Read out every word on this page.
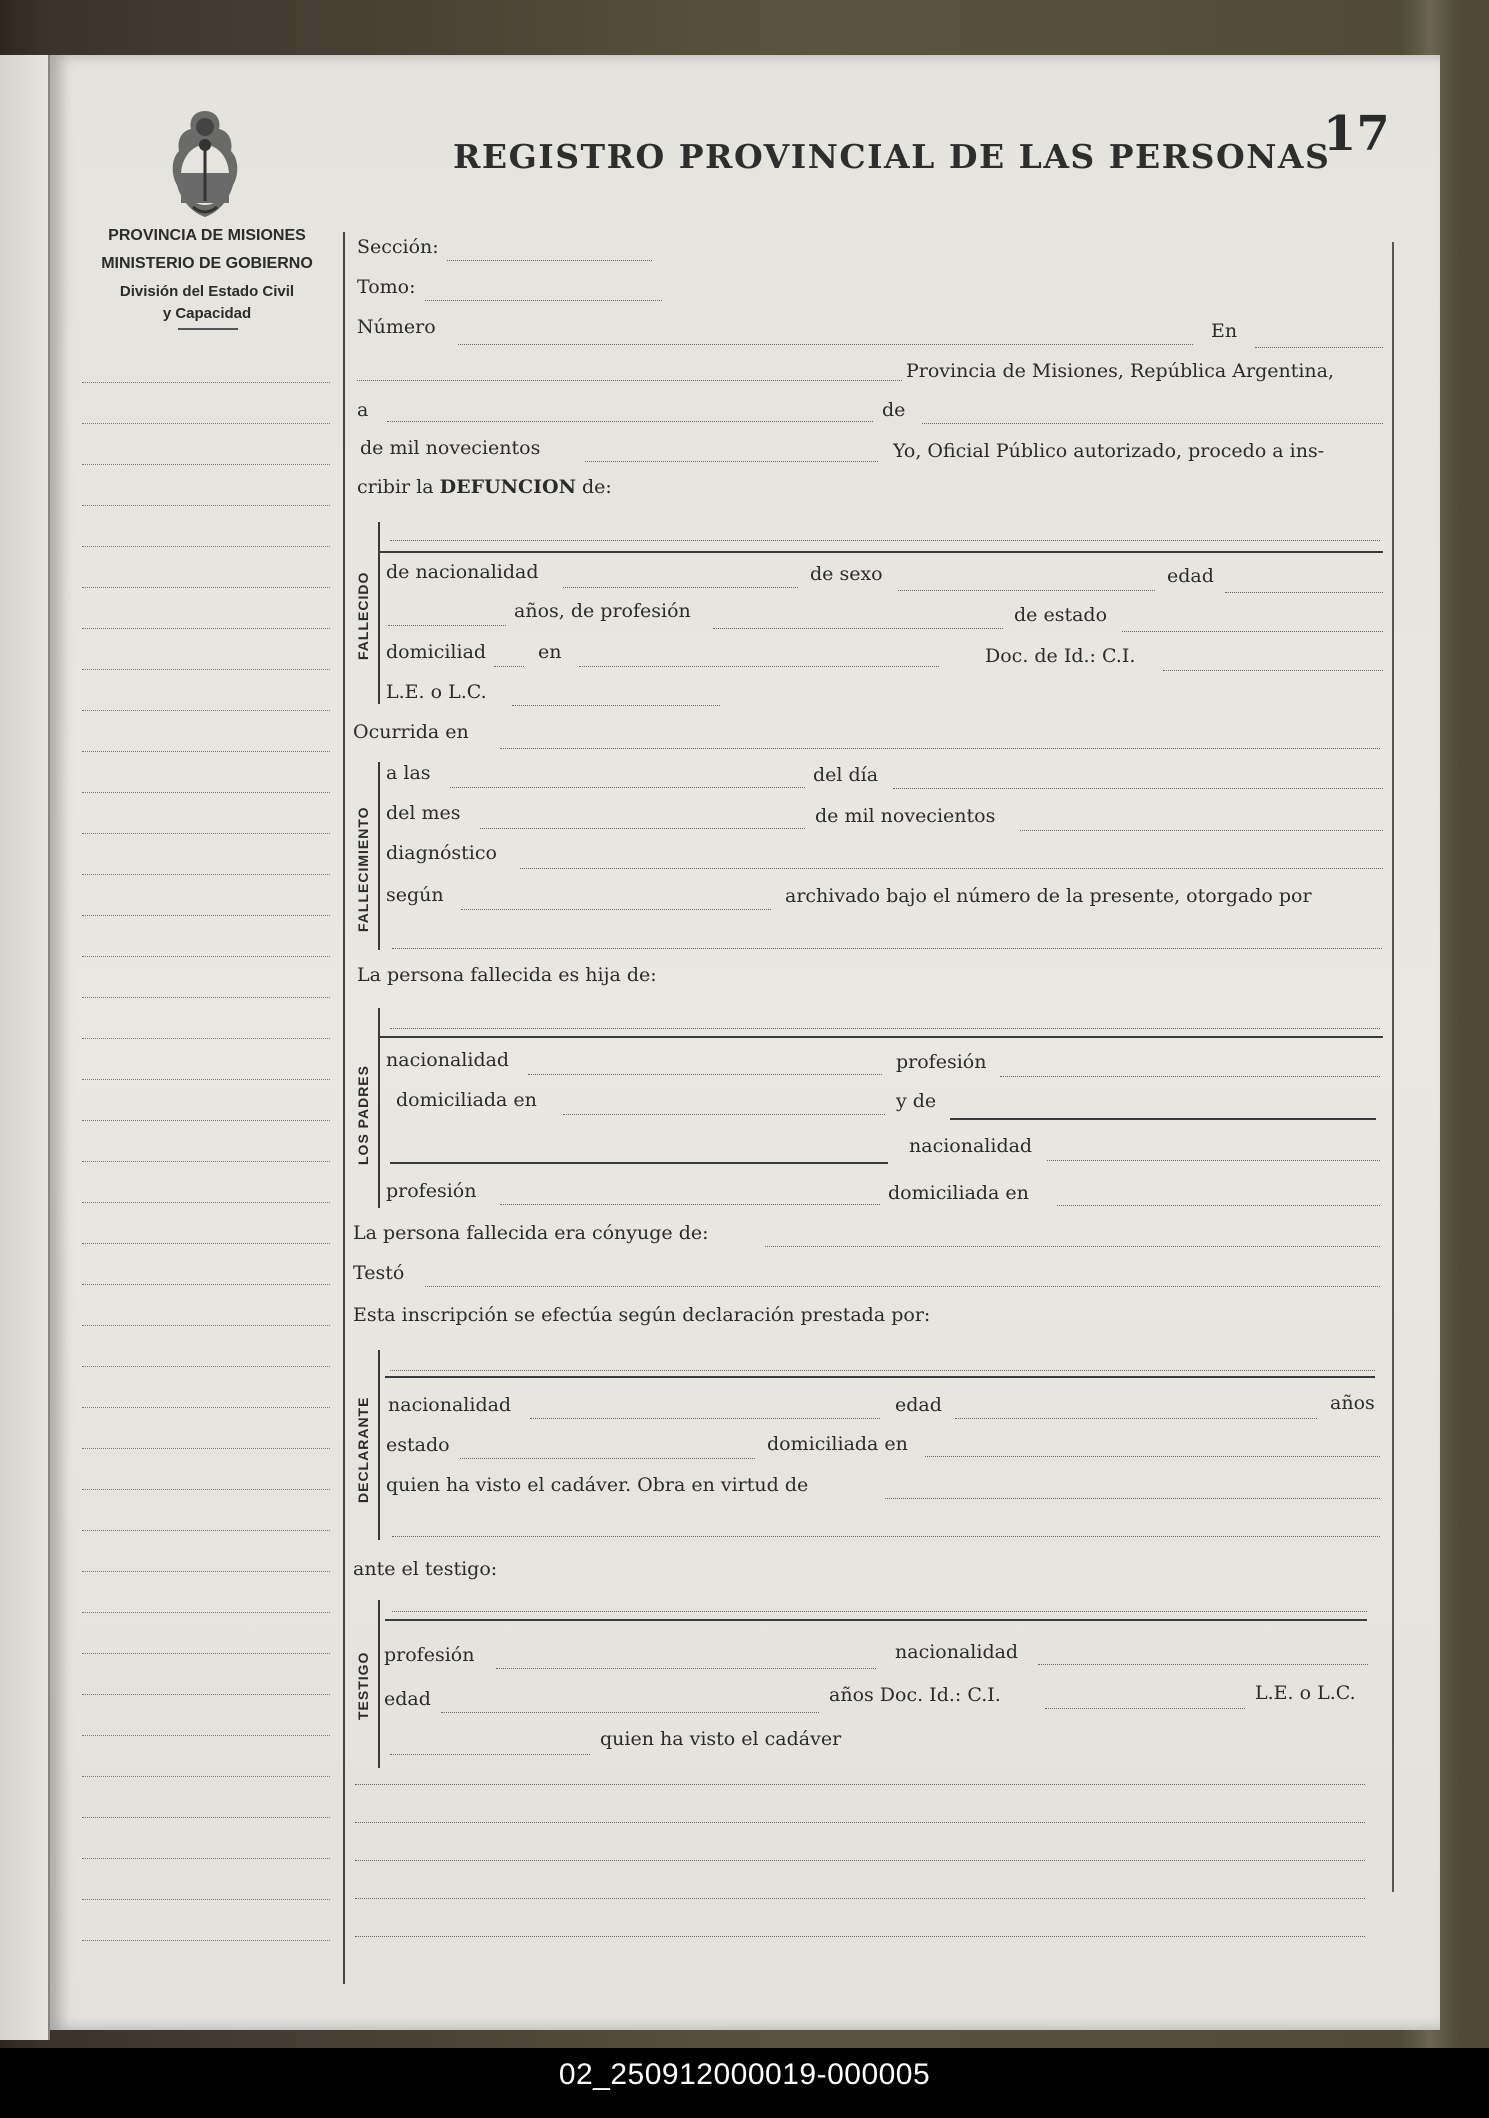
REGISTRO PROVINCIAL DE LAS PERSONAS
17
PROVINCIA DE MISIONES
MINISTERIO DE GOBIERNO
División del Estado Civil
y Capacidad
Sección:
Tomo:
Número	En
Provincia de Misiones, República Argentina,
a	de
de mil novecientos	Yo, Oficial Público autorizado, procedo a ins-
cribir la DEFUNCION de:
FALLECIDO de nacionalidad	de sexo	edad
años, de profesión	de estado
domiciliad	en	Doc. de Id.: C.I.
L.E. o L.C.
Ocurrida en
FALLECIMIENTO
a las	del día
del mes	de mil novecientos
diagnóstico
según	archivado bajo el número de la presente, otorgado por
La persona fallecida es hija de:
LOS PADRES
nacionalidad	profesión
domiciliada en	y de
nacionalidad
profesión	domiciliada en
La persona fallecida era cónyuge de:
Testó
Esta inscripción se efectúa según declaración prestada por:
DECLARANTE nacionalidad	edad	años
estado	domiciliada en
quien ha visto el cadáver. Obra en virtud de
ante el testigo:
TESTIGO profesión	nacionalidad
edad	años Doc. Id.: C.I.	L.E. o L.C.
quien ha visto el cadáver
02_250912000019-000005
